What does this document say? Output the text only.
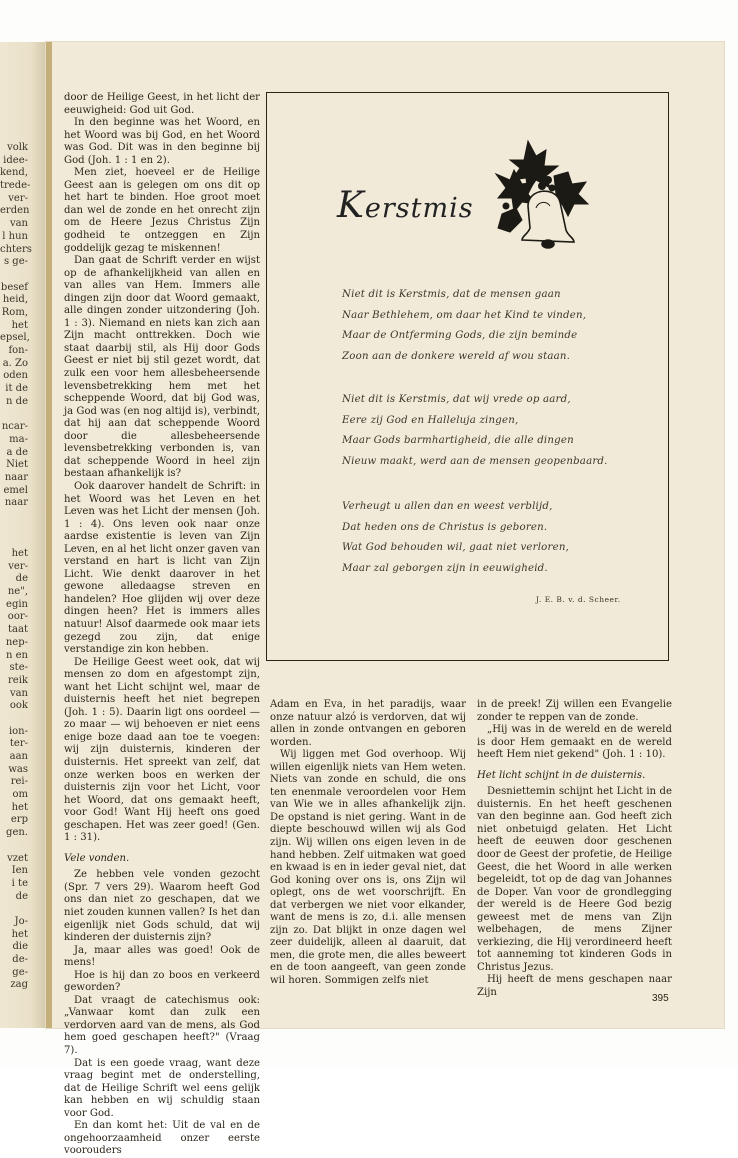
volk
idee-
kend,
trede-
ver-
erden
van
l hun
chters
s ge-
besef
heid,
Rom,
het
epsel,
fon-
a. Zo
oden
it de
n de
ncar-
ma-
a de
Niet
naar
emel
naar
het
ver-
de
ne",
egin
oor-
taat
nep-
n en
ste-
reik
van
ook
ion-
ter-
aan
was
rei-
om
het
erp
gen.
vzet
Ien
i te
de
Jo-
het
die
de-
ge-
zag

door de Heilige Geest, in het licht der eeuwigheid: God uit God.

In den beginne was het Woord, en het Woord was bij God, en het Woord was God. Dit was in den beginne bij God (Joh. 1 : 1 en 2).

Men ziet, hoeveel er de Heilige Geest aan is gelegen om ons dit op het hart te binden. Hoe groot moet dan wel de zonde en het onrecht zijn om de Heere Jezus Christus Zijn godheid te ontzeggen en Zijn goddelijk gezag te miskennen!

Dan gaat de Schrift verder en wijst op de afhankelijkheid van allen en van alles van Hem. Immers alle dingen zijn door dat Woord gemaakt, alle dingen zonder uitzondering (Joh. 1 : 3). Niemand en niets kan zich aan Zijn macht onttrekken. Doch wie staat daarbij stil, als Hij door Gods Geest er niet bij stil gezet wordt, dat zulk een voor hem allesbeheersende levensbetrekking hem met het scheppende Woord, dat bij God was, ja God was (en nog altijd is), verbindt, dat hij aan dat scheppende Woord door die allesbeheersende levensbetrekking verbonden is, van dat scheppende Woord in heel zijn bestaan afhankelijk is?

Ook daarover handelt de Schrift: in het Woord was het Leven en het Leven was het Licht der mensen (Joh. 1 : 4). Ons leven ook naar onze aardse existentie is leven van Zijn Leven, en al het licht onzer gaven van verstand en hart is licht van Zijn Licht. Wie denkt daarover in het gewone alledaagse streven en handelen? Hoe glijden wij over deze dingen heen? Het is immers alles natuur! Alsof daarmede ook maar iets gezegd zou zijn, dat enige verstandige zin kon hebben.

De Heilige Geest weet ook, dat wij mensen zo dom en afgestompt zijn, want het Licht schijnt wel, maar de duisternis heeft het niet begrepen (Joh. 1 : 5). Daarin ligt ons oordeel — zo maar — wij behoeven er niet eens enige boze daad aan toe te voegen: wij zijn duisternis, kinderen der duisternis. Het spreekt van zelf, dat onze werken boos en werken der duisternis zijn voor het Licht, voor het Woord, dat ons gemaakt heeft, voor God! Want Hij heeft ons goed geschapen. Het was zeer goed! (Gen. 1 : 31).

Vele vonden.

Ze hebben vele vonden gezocht (Spr. 7 vers 29). Waarom heeft God ons dan niet zo geschapen, dat we niet zouden kunnen vallen? Is het dan eigenlijk niet Gods schuld, dat wij kinderen der duisternis zijn?

Ja, maar alles was goed! Ook de mens!

Hoe is hij dan zo boos en verkeerd geworden?

Dat vraagt de catechismus ook: „Vanwaar komt dan zulk een verdorven aard van de mens, als God hem goed geschapen heeft?" (Vraag 7).

Dat is een goede vraag, want deze vraag begint met de onderstelling, dat de Heilige Schrift wel eens gelijk kan hebben en wij schuldig staan voor God.

En dan komt het: Uit de val en de ongehoorzaamheid onzer eerste voorouders

Kerstmis
Niet dit is Kerstmis, dat de mensen gaan
Naar Bethlehem, om daar het Kind te vinden,
Maar de Ontferming Gods, die zijn beminde
Zoon aan de donkere wereld af wou staan.
Niet dit is Kerstmis, dat wij vrede op aard,
Eere zij God en Halleluja zingen,
Maar Gods barmhartigheid, die alle dingen
Nieuw maakt, werd aan de mensen geopenbaard.
Verheugt u allen dan en weest verblijd,
Dat heden ons de Christus is geboren.
Wat God behouden wil, gaat niet verloren,
Maar zal geborgen zijn in eeuwigheid.
J. E. B. v. d. Scheer.

Adam en Eva, in het paradijs, waar onze natuur alzó is verdorven, dat wij allen in zonde ontvangen en geboren worden.

Wij liggen met God overhoop. Wij willen eigenlijk niets van Hem weten. Niets van zonde en schuld, die ons ten enenmale veroordelen voor Hem van Wie we in alles afhankelijk zijn. De opstand is niet gering. Want in de diepte beschouwd willen wij als God zijn. Wij willen ons eigen leven in de hand hebben. Zelf uitmaken wat goed en kwaad is en in ieder geval niet, dat God koning over ons is, ons Zijn wil oplegt, ons de wet voorschrijft. En dat verbergen we niet voor elkander, want de mens is zo, d.i. alle mensen zijn zo. Dat blijkt in onze dagen wel zeer duidelijk, alleen al daaruit, dat men, die grote men, die alles beweert en de toon aangeeft, van geen zonde wil horen. Sommigen zelfs niet

in de preek! Zij willen een Evangelie zonder te reppen van de zonde.

„Hij was in de wereld en de wereld is door Hem gemaakt en de wereld heeft Hem niet gekend" (Joh. 1 : 10).

Het licht schijnt in de duisternis.

Desniettemin schijnt het Licht in de duisternis. En het heeft geschenen van den beginne aan. God heeft zich niet onbetuigd gelaten. Het Licht heeft de eeuwen door geschenen door de Geest der profetie, de Heilige Geest, die het Woord in alle werken begeleidt, tot op de dag van Johannes de Doper. Van voor de grondlegging der wereld is de Heere God bezig geweest met de mens van Zijn welbehagen, de mens Zijner verkiezing, die Hij verordineerd heeft tot aanneming tot kinderen Gods in Christus Jezus.

Hij heeft de mens geschapen naar Zijn

395
